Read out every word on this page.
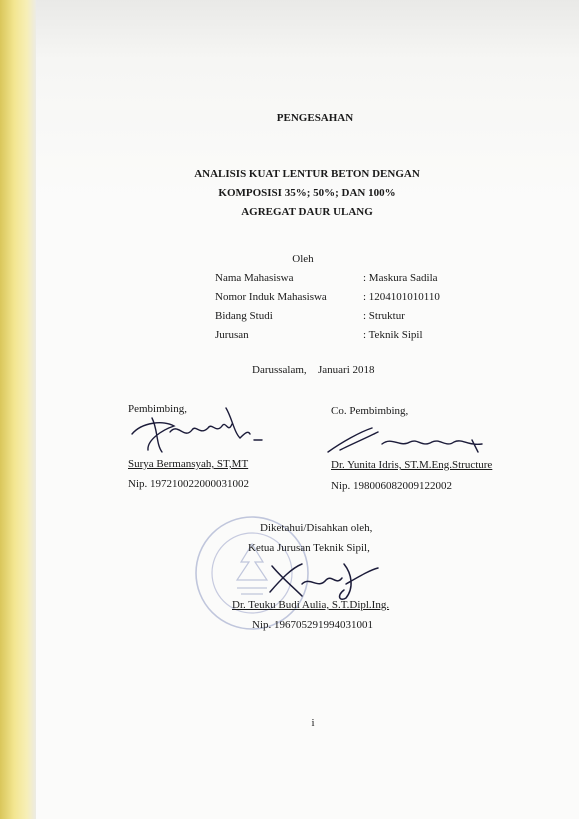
PENGESAHAN
ANALISIS KUAT LENTUR BETON DENGAN
KOMPOSISI 35%; 50%; DAN 100%
AGREGAT DAUR ULANG
Oleh
Nama Mahasiswa	: Maskura Sadila
Nomor Induk Mahasiswa	: 1204101010110
Bidang Studi	: Struktur
Jurusan	: Teknik Sipil
Darussalam, Januari 2018
Pembimbing,	Co. Pembimbing,
Surya Bermansyah, ST,MT	Dr. Yunita Idris, ST.M.Eng.Structure
Nip. 197210022000031002	Nip. 198006082009122002
Diketahui/Disahkan oleh,
Ketua Jurusan Teknik Sipil,
Dr. Teuku Budi Aulia, S.T.Dipl.Ing.
Nip. 196705291994031001
i
